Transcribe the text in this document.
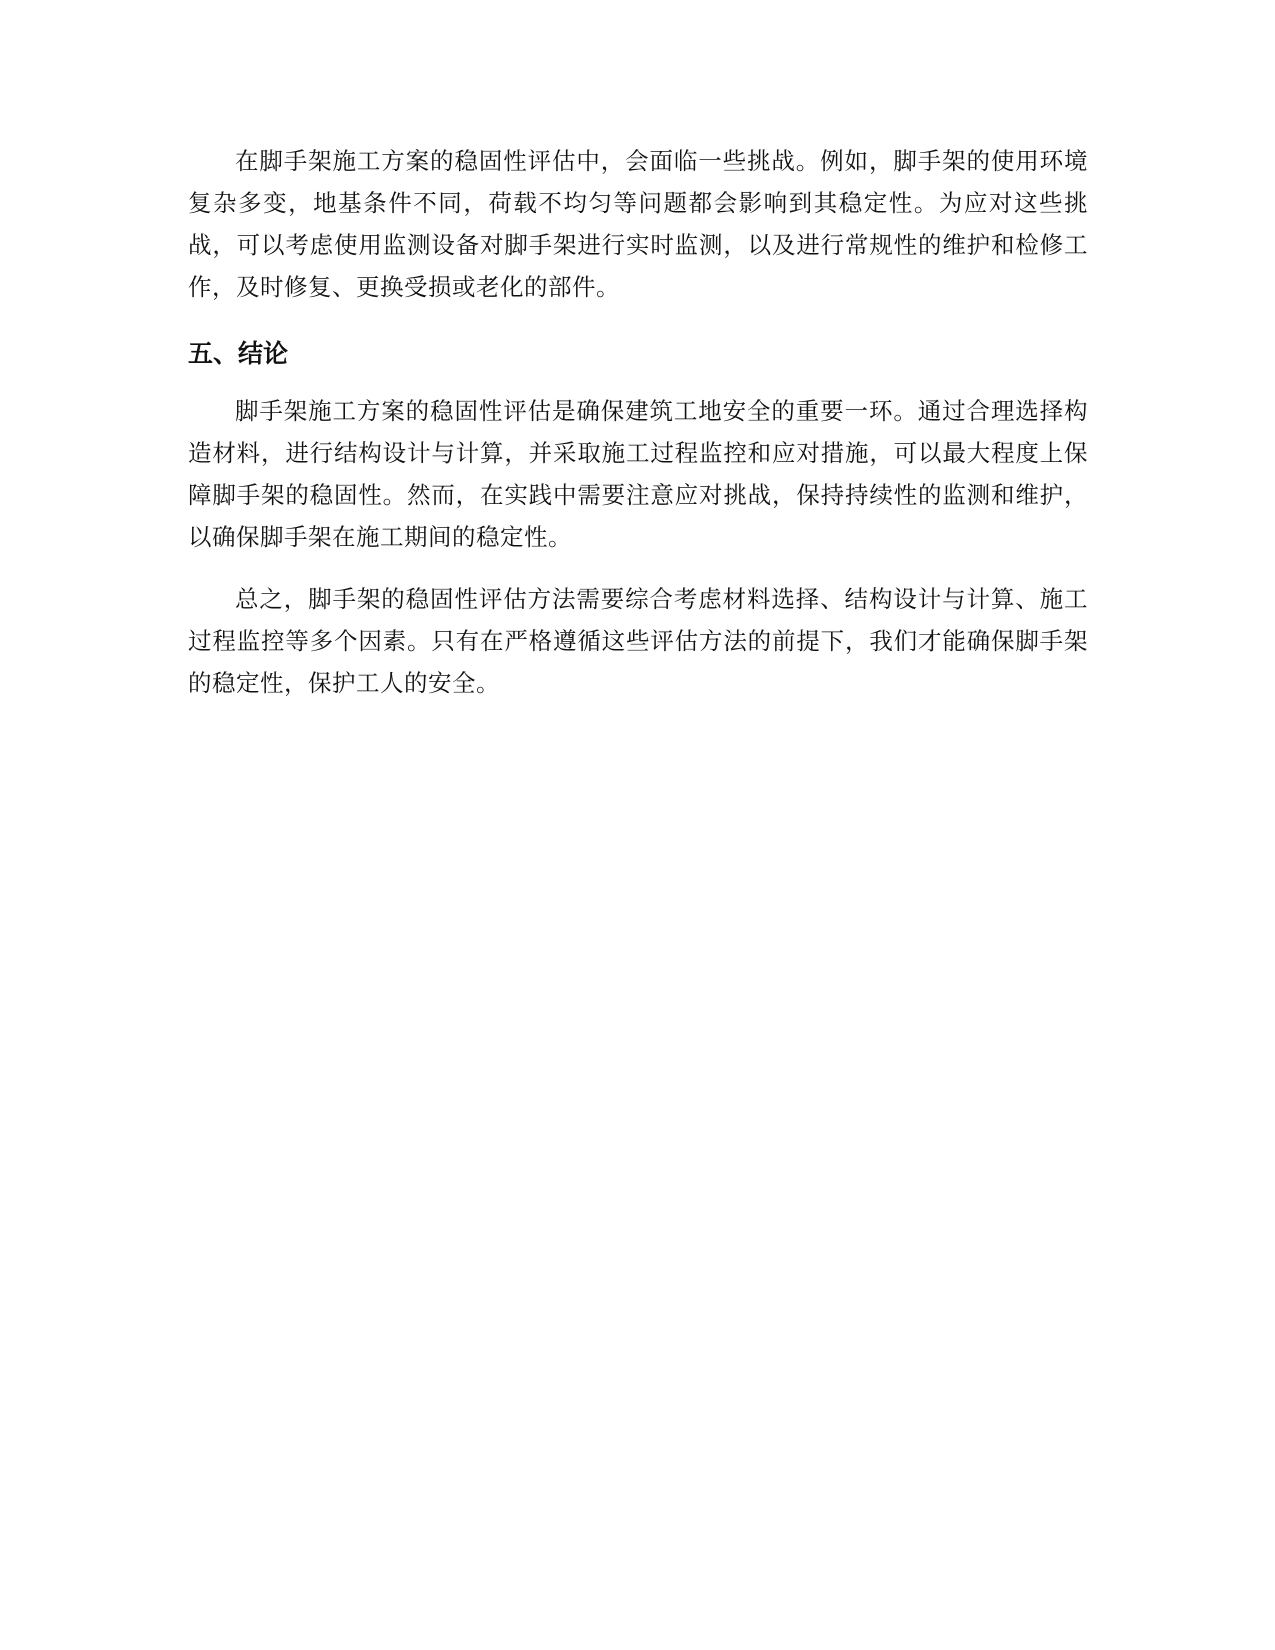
在脚手架施工方案的稳固性评估中，会面临一些挑战。例如，脚手架的使用环境复杂多变，地基条件不同，荷载不均匀等问题都会影响到其稳定性。为应对这些挑战，可以考虑使用监测设备对脚手架进行实时监测，以及进行常规性的维护和检修工作，及时修复、更换受损或老化的部件。

五、结论

脚手架施工方案的稳固性评估是确保建筑工地安全的重要一环。通过合理选择构造材料，进行结构设计与计算，并采取施工过程监控和应对措施，可以最大程度上保障脚手架的稳固性。然而，在实践中需要注意应对挑战，保持持续性的监测和维护，以确保脚手架在施工期间的稳定性。

总之，脚手架的稳固性评估方法需要综合考虑材料选择、结构设计与计算、施工过程监控等多个因素。只有在严格遵循这些评估方法的前提下，我们才能确保脚手架的稳定性，保护工人的安全。
